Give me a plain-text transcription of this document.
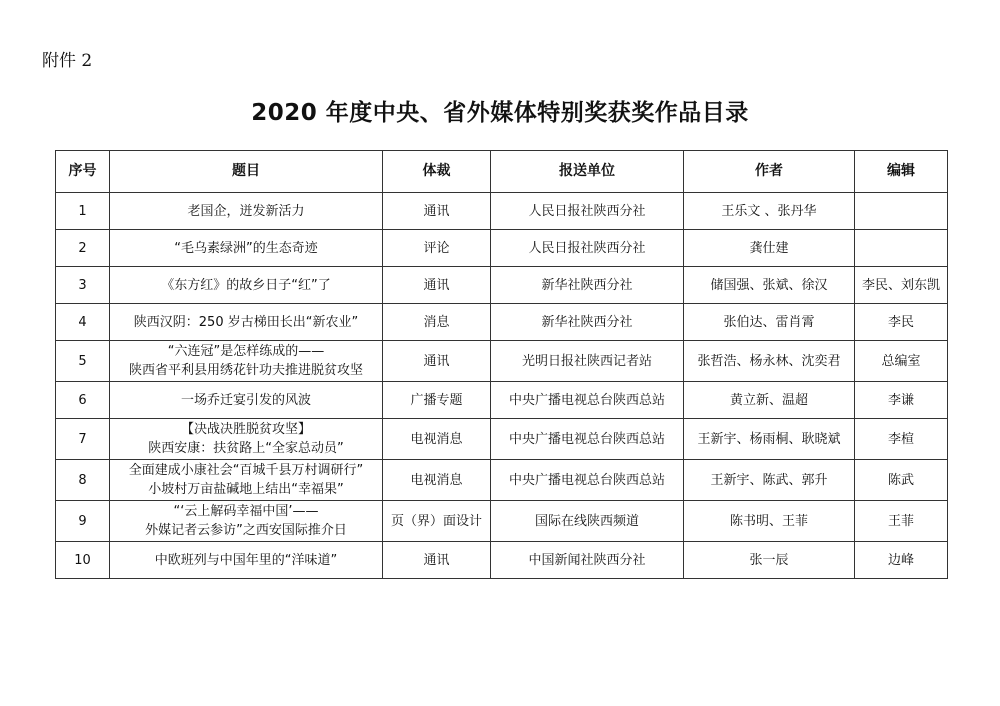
附件 2
2020 年度中央、省外媒体特别奖获奖作品目录
序号	题目	体裁	报送单位	作者	编辑
1	老国企，迸发新活力	通讯	人民日报社陕西分社	王乐文 、张丹华	
2	“毛乌素绿洲”的生态奇迹	评论	人民日报社陕西分社	龚仕建	
3	《东方红》的故乡日子“红”了	通讯	新华社陕西分社	储国强、张斌、徐汉	李民、刘东凯
4	陕西汉阴：250 岁古梯田长出“新农业”	消息	新华社陕西分社	张伯达、雷肖霄	李民
5	“六连冠”是怎样练成的——
陕西省平利县用绣花针功夫推进脱贫攻坚	通讯	光明日报社陕西记者站	张哲浩、杨永林、沈奕君	总编室
6	一场乔迁宴引发的风波	广播专题	中央广播电视总台陕西总站	黄立新、温超	李谦
7	【决战决胜脱贫攻坚】
陕西安康：扶贫路上“全家总动员”	电视消息	中央广播电视总台陕西总站	王新宇、杨雨桐、耿晓斌	李楦
8	全面建成小康社会“百城千县万村调研行”
小坡村万亩盐碱地上结出“幸福果”	电视消息	中央广播电视总台陕西总站	王新宇、陈武、郭升	陈武
9	“‘云上解码幸福中国’——
外媒记者云参访”之西安国际推介日	页（界）面设计	国际在线陕西频道	陈书明、王菲	王菲
10	中欧班列与中国年里的“洋味道”	通讯	中国新闻社陕西分社	张一辰	边峰
